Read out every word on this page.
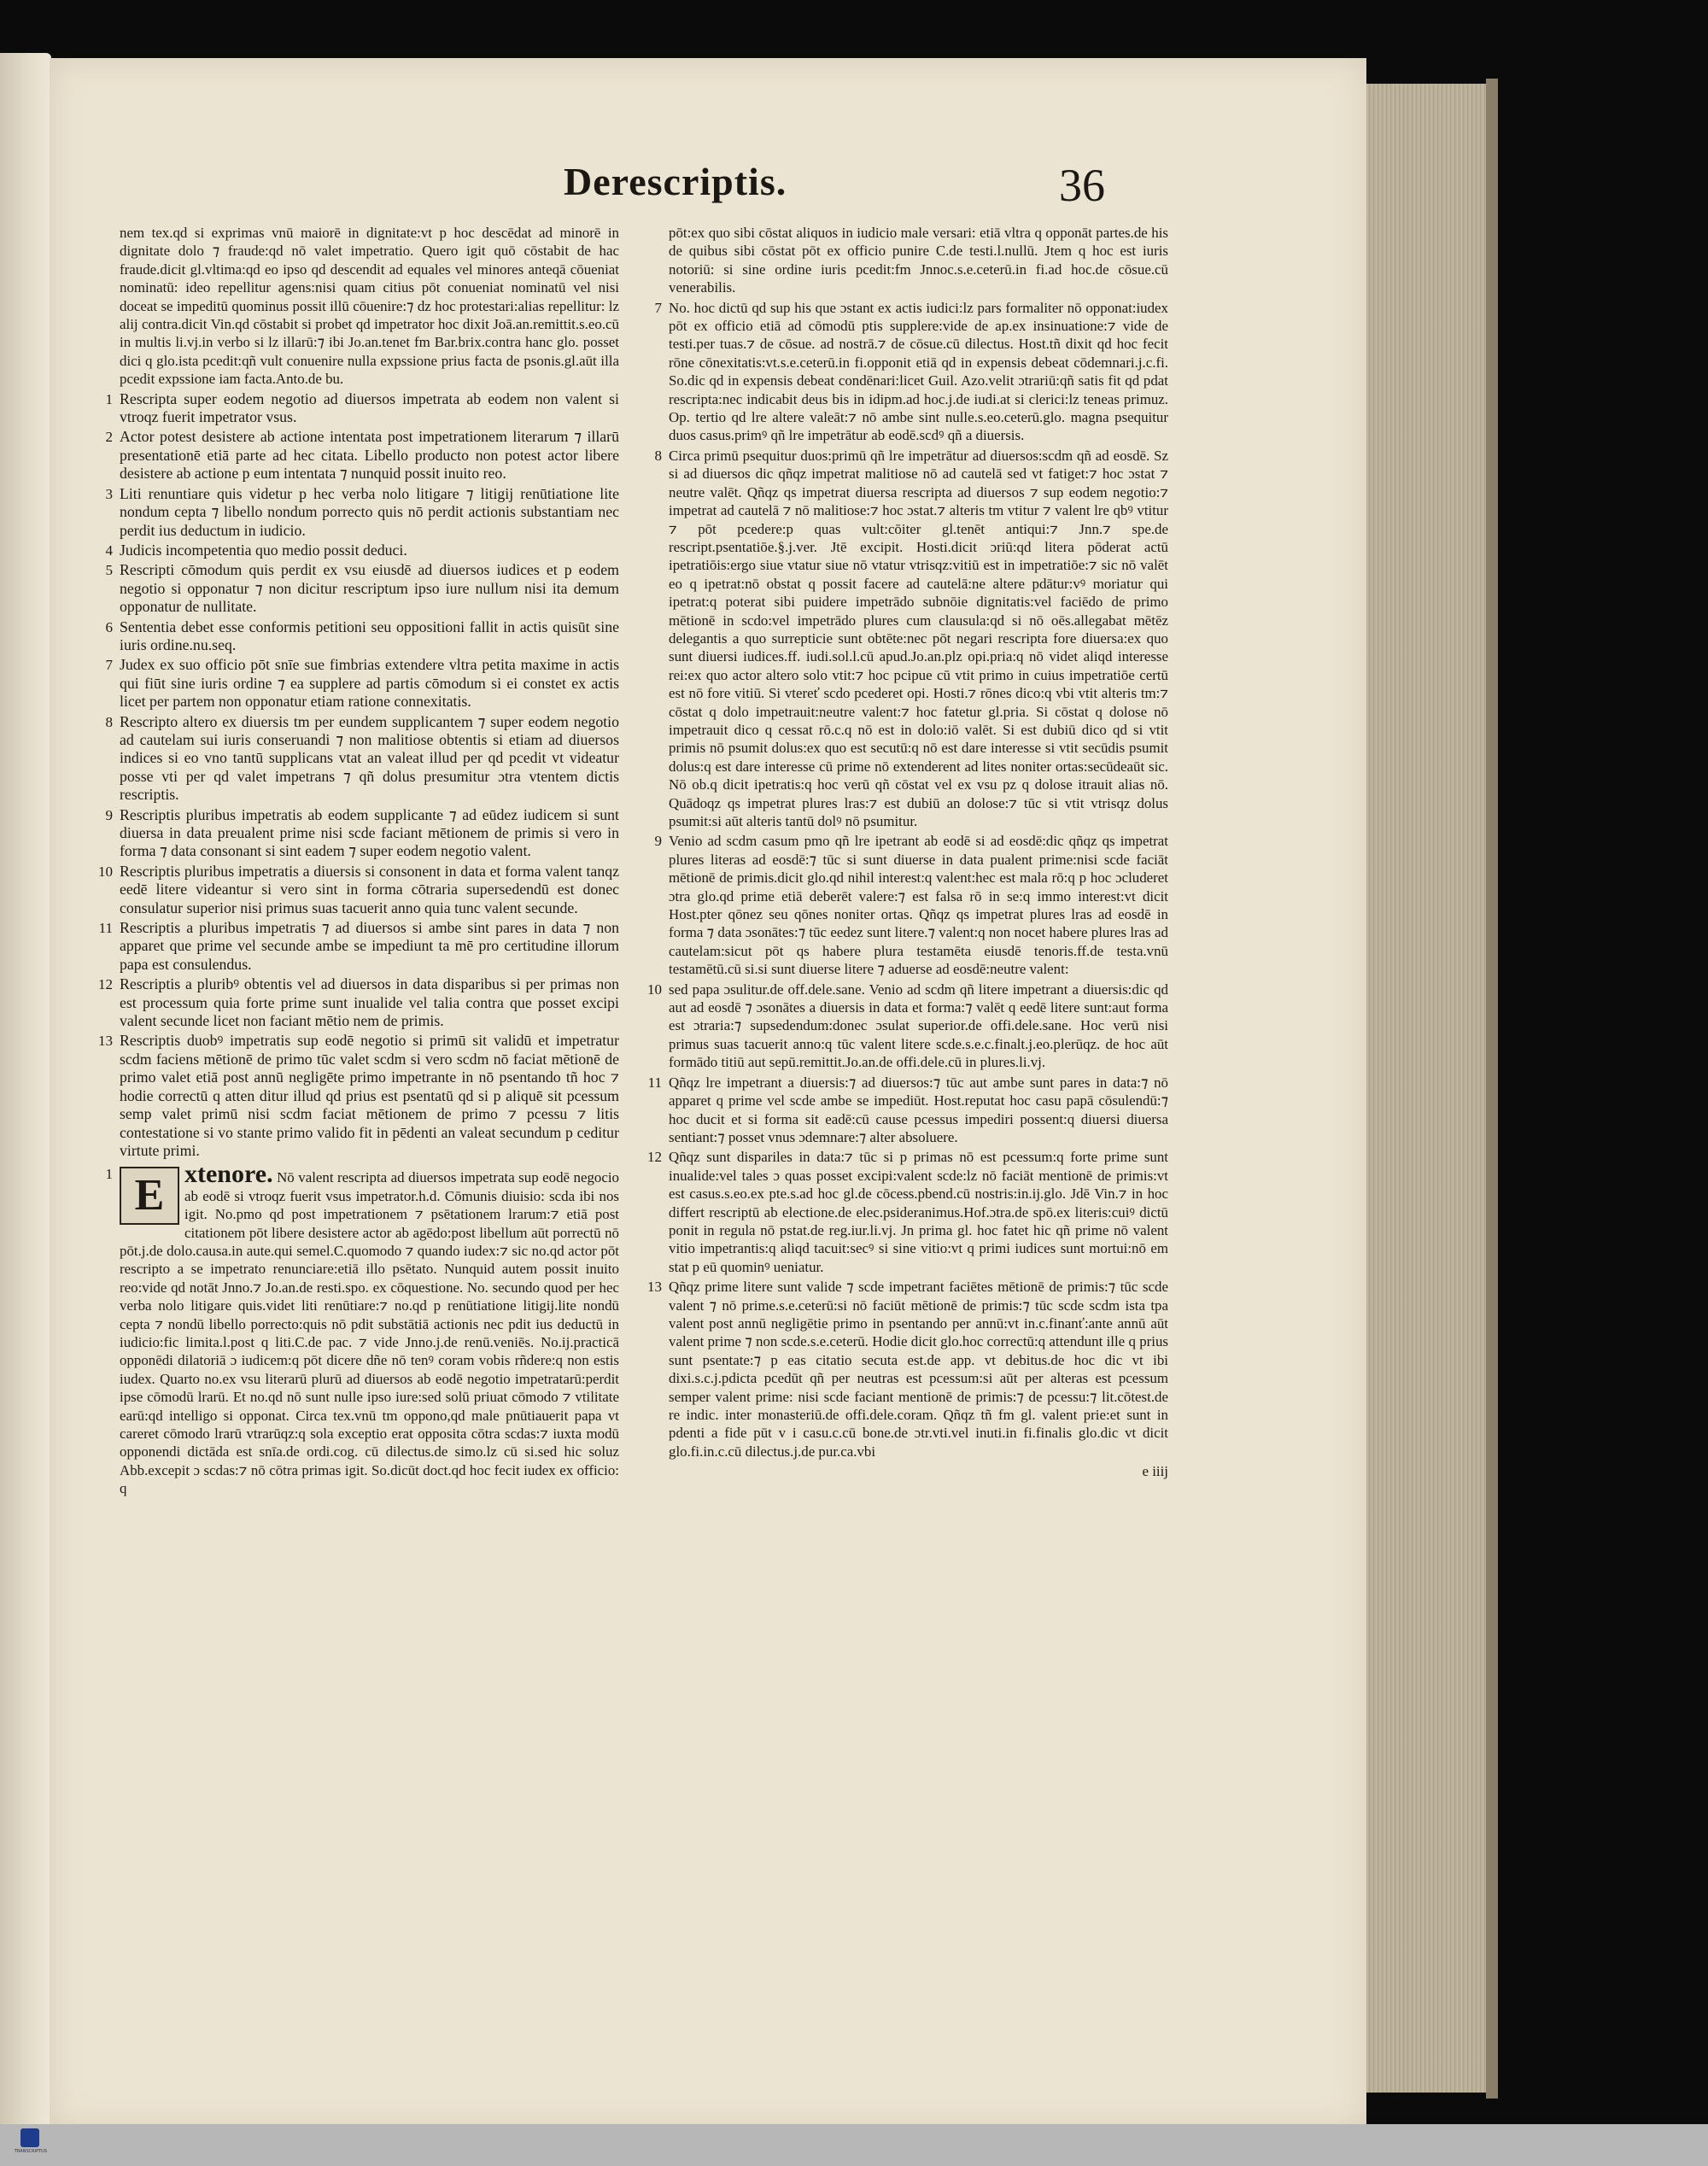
Derescriptis.	36

nem tex.qd si exprimas vnū maiorē in dignitate:vt p hoc descēdat ad minorē in dignitate dolo ⁊ fraude:qd nō valet impetratio. Quero igit quō cōstabit de hac fraude.dicit gl.vltima:qd eo ipso qd descendit ad equales vel minores anteqā cōueniat nominatū: ideo repellitur agens:nisi quam citius pōt conueniat nominatū vel nisi doceat se impeditū quominus possit illū cōuenire:⁊ dz hoc protestari:alias repellitur: lz alij contra.dicit Vin.qd cōstabit si probet qd impetrator hoc dixit Joā.an.remittit.s.eo.cū in multis li.vj.in verbo si lz illarū:⁊ ibi Jo.an.tenet fm Bar.brix.contra hanc glo. posset dici q glo.ista pcedit:qñ vult conuenire nulla expssione prius facta de psonis.gl.aūt illa pcedit expssione iam facta.Anto.de bu.

1 Rescripta super eodem negotio ad diuersos impetrata ab eodem non valent si vtroqz fuerit impetrator vsus.
2 Actor potest desistere ab actione intentata post impetrationem literarum ⁊ illarū presentationē etiā parte ad hec citata. Libello producto non potest actor libere desistere ab actione p eum intentata ⁊ nunquid possit inuito reo.
3 Liti renuntiare quis videtur p hec verba nolo litigare ⁊ litigij renūtiatione lite nondum cepta ⁊ libello nondum porrecto quis nō perdit actionis substantiam nec perdit ius deductum in iudicio.
4 Judicis incompetentia quo medio possit deduci.
5 Rescripti cōmodum quis perdit ex vsu eiusdē ad diuersos iudices et p eodem negotio si opponatur ⁊ non dicitur rescriptum ipso iure nullum nisi ita demum opponatur de nullitate.
6 Sententia debet esse conformis petitioni seu oppositioni fallit in actis quisūt sine iuris ordine.nu.seq.
7 Judex ex suo officio pōt snīe sue fimbrias extendere vltra petita maxime in actis qui fiūt sine iuris ordine ⁊ ea supplere ad partis cōmodum si ei constet ex actis licet per partem non opponatur etiam ratione connexitatis.
8 Rescripto altero ex diuersis tm per eundem supplicantem ⁊ super eodem negotio ad cautelam sui iuris conseruandi ⁊ non malitiose obtentis si etiam ad diuersos indices si eo vno tantū supplicans vtat an valeat illud per qd pcedit vt videatur posse vti per qd valet impetrans ⁊ qñ dolus presumitur ɔtra vtentem dictis rescriptis.
9 Rescriptis pluribus impetratis ab eodem supplicante ⁊ ad eūdez iudicem si sunt diuersa in data preualent prime nisi scde faciant mētionem de primis si vero in forma ⁊ data consonant si sint eadem ⁊ super eodem negotio valent.
10 Rescriptis pluribus impetratis a diuersis si consonent in data et forma valent tanqz eedē litere videantur si vero sint in forma cōtraria supersedendū est donec consulatur superior nisi primus suas tacuerit anno quia tunc valent secunde.
11 Rescriptis a pluribus impetratis ⁊ ad diuersos si ambe sint pares in data ⁊ non apparet que prime vel secunde ambe se impediunt ta mē pro certitudine illorum papa est consulendus.
12 Rescriptis a pluribꝰ obtentis vel ad diuersos in data disparibus si per primas non est processum quia forte prime sunt inualide vel talia contra que posset excipi valent secunde licet non faciant mētio nem de primis.
13 Rescriptis duobꝰ impetratis sup eodē negotio si primū sit validū et impetratur scdm faciens mētionē de primo tūc valet scdm si vero scdm nō faciat mētionē de primo valet etiā post annū negligēte primo impetrante in nō psentando tñ hoc ⁊ hodie correctū q atten ditur illud qd prius est psentatū qd si p aliquē sit pcessum semp valet primū nisi scdm faciat mētionem de primo ⁊ pcessu ⁊ litis contestatione si vo stante primo valido fit in pēdenti an valeat secundum p ceditur virtute primi.
1 E xtenore. Nō valent rescripta ad diuersos impetrata sup eodē negocio ab eodē si vtroqz fuerit vsus impetrator.h.d. Cōmunis diuisio: scda ibi nos igit. No.pmo qd post impetrationem ⁊ psētationem lrarum:⁊ etiā post citationem pōt libere desistere actor ab agēdo:post libellum aūt porrectū nō pōt.j.de dolo.causa.in aute.qui semel.C.quomodo ⁊ quando iudex:⁊ sic no.qd actor pōt rescripto a se impetrato renunciare:etiā illo psētato. Nunquid autem possit inuito reo:vide qd notāt Jnno.⁊ Jo.an.de resti.spo. ex cōquestione. No. secundo quod per hec verba nolo litigare quis.videt liti renūtiare:⁊ no.qd p renūtiatione litigij.lite nondū cepta ⁊ nondū libello porrecto:quis nō pdit substātiā actionis nec pdit ius deductū in iudicio:fic limita.l.post q liti.C.de pac. ⁊ vide Jnno.j.de renū.veniēs. No.ij.practicā opponēdi dilatoriā ɔ iudicem:q pōt dicere dñe nō tenꝰ coram vobis rñdere:q non estis iudex. Quarto no.ex vsu literarū plurū ad diuersos ab eodē negotio impetratarū:perdit ipse cōmodū lrarū. Et no.qd nō sunt nulle ipso iure:sed solū priuat cōmodo ⁊ vtilitate earū:qd intelligo si opponat. Circa tex.vnū tm oppono,qd male pnūtiauerit papa vt careret cōmodo lrarū vtrarūqz:q sola exceptio erat opposita cōtra scdas:⁊ iuxta modū opponendi dictāda est snīa.de ordi.cog. cū dilectus.de simo.lz cū si.sed hic soluz Abb.excepit ɔ scdas:⁊ nō cōtra primas igit. So.dicūt doct.qd hoc fecit iudex ex officio: q

pōt:ex quo sibi cōstat aliquos in iudicio male versari: etiā vltra q opponāt partes.de his de quibus sibi cōstat pōt ex officio punire C.de testi.l.nullū. Jtem q hoc est iuris notoriū: si sine ordine iuris pcedit:fm Jnnoc.s.e.ceterū.in fi.ad hoc.de cōsue.cū venerabilis.

7 No. hoc dictū qd sup his que ɔstant ex actis iudici:lz pars formaliter nō opponat:iudex pōt ex officio etiā ad cōmodū ptis supplere:vide de ap.ex insinuatione:⁊ vide de testi.per tuas.⁊ de cōsue. ad nostrā.⁊ de cōsue.cū dilectus. Host.tñ dixit qd hoc fecit rōne cōnexitatis:vt.s.e.ceterū.in fi.opponit etiā qd in expensis debeat cōdemnari.j.c.fi. So.dic qd in expensis debeat condēnari:licet Guil. Azo.velit ɔtrariū:qñ satis fit qd pdat rescripta:nec indicabit deus bis in idipm.ad hoc.j.de iudi.at si clerici:lz teneas primuz. Op. tertio qd lre altere valeāt:⁊ nō ambe sint nulle.s.eo.ceterū.glo. magna psequitur duos casus.primꝰ qñ lre impetrātur ab eodē.scdꝰ qñ a diuersis.
8 Circa primū psequitur duos:primū qñ lre impetrātur ad diuersos:scdm qñ ad eosdē. Sz si ad diuersos dic qñqz impetrat malitiose nō ad cautelā sed vt fatiget:⁊ hoc ɔstat ⁊ neutre valēt. Qñqz qs impetrat diuersa rescripta ad diuersos ⁊ sup eodem negotio:⁊ impetrat ad cautelā ⁊ nō malitiose:⁊ hoc ɔstat.⁊ alteris tm vtitur ⁊ valent lre qbꝰ vtitur ⁊ pōt pcedere:p quas vult:cōiter gl.tenēt antiqui:⁊ Jnn.⁊ spe.de rescript.psentatiōe.§.j.ver. Jtē excipit. Hosti.dicit ɔriū:qd litera pōderat actū ipetratiōis:ergo siue vtatur siue nō vtatur vtrisqz:vitiū est in impetratiōe:⁊ sic nō valēt eo q ipetrat:nō obstat q possit facere ad cautelā:ne altere pdātur:vꝰ moriatur qui ipetrat:q poterat sibi puidere impetrādo subnōie dignitatis:vel faciēdo de primo mētionē in scdo:vel impetrādo plures cum clausula:qd si nō oēs.allegabat mētēz delegantis a quo surrepticie sunt obtēte:nec pōt negari rescripta fore diuersa:ex quo sunt diuersi iudices.ff. iudi.sol.l.cū apud.Jo.an.plz opi.pria:q nō videt aliqd interesse rei:ex quo actor altero solo vtit:⁊ hoc pcipue cū vtit primo in cuius impetratiōe certū est nō fore vitiū. Si vtereť scdo pcederet opi. Hosti.⁊ rōnes dico:q vbi vtit alteris tm:⁊ cōstat q dolo impetrauit:neutre valent:⁊ hoc fatetur gl.pria. Si cōstat q dolose nō impetrauit dico q cessat rō.c.q nō est in dolo:iō valēt. Si est dubiū dico qd si vtit primis nō psumit dolus:ex quo est secutū:q nō est dare interesse si vtit secūdis psumit dolus:q est dare interesse cū prime nō extenderent ad lites noniter ortas:secūdeaūt sic. Nō ob.q dicit ipetratis:q hoc verū qñ cōstat vel ex vsu pz q dolose itrauit alias nō. Quādoqz qs impetrat plures lras:⁊ est dubiū an dolose:⁊ tūc si vtit vtrisqz dolus psumit:si aūt alteris tantū dolꝰ nō psumitur.
9 Venio ad scdm casum pmo qñ lre ipetrant ab eodē si ad eosdē:dic qñqz qs impetrat plures literas ad eosdē:⁊ tūc si sunt diuerse in data pualent prime:nisi scde faciāt mētionē de primis.dicit glo.qd nihil interest:q valent:hec est mala rō:q p hoc ɔcluderet ɔtra glo.qd prime etiā deberēt valere:⁊ est falsa rō in se:q immo interest:vt dicit Host.pter qōnez seu qōnes noniter ortas. Qñqz qs impetrat plures lras ad eosdē in forma ⁊ data ɔsonātes:⁊ tūc eedez sunt litere.⁊ valent:q non nocet habere plures lras ad cautelam:sicut pōt qs habere plura testamēta eiusdē tenoris.ff.de testa.vnū testamētū.cū si.si sunt diuerse litere ⁊ aduerse ad eosdē:neutre valent:
10 sed papa ɔsulitur.de off.dele.sane. Venio ad scdm qñ litere impetrant a diuersis:dic qd aut ad eosdē ⁊ ɔsonātes a diuersis in data et forma:⁊ valēt q eedē litere sunt:aut forma est ɔtraria:⁊ supsedendum:donec ɔsulat superior.de offi.dele.sane. Hoc verū nisi primus suas tacuerit anno:q tūc valent litere scde.s.e.c.finalt.j.eo.plerūqz. de hoc aūt formādo titiū aut sepū.remittit.Jo.an.de offi.dele.cū in plures.li.vj.
11 Qñqz lre impetrant a diuersis:⁊ ad diuersos:⁊ tūc aut ambe sunt pares in data:⁊ nō apparet q prime vel scde ambe se impediūt. Host.reputat hoc casu papā cōsulendū:⁊ hoc ducit et si forma sit eadē:cū cause pcessus impediri possent:q diuersi diuersa sentiant:⁊ posset vnus ɔdemnare:⁊ alter absoluere.
12 Qñqz sunt dispariles in data:⁊ tūc si p primas nō est pcessum:q forte prime sunt inualide:vel tales ɔ quas posset excipi:valent scde:lz nō faciāt mentionē de primis:vt est casus.s.eo.ex pte.s.ad hoc gl.de cōcess.pbend.cū nostris:in.ij.glo. Jdē Vin.⁊ in hoc differt rescriptū ab electione.de elec.psideranimus.Hof.ɔtra.de spō.ex literis:cuiꝰ dictū ponit in regula nō pstat.de reg.iur.li.vj. Jn prima gl. hoc fatet hic qñ prime nō valent vitio impetrantis:q aliqd tacuit:secꝰ si sine vitio:vt q primi iudices sunt mortui:nō em stat p eū quominꝰ ueniatur.
13 Qñqz prime litere sunt valide ⁊ scde impetrant faciētes mētionē de primis:⁊ tūc scde valent ⁊ nō prime.s.e.ceterū:si nō faciūt mētionē de primis:⁊ tūc scde scdm ista tpa valent post annū negligētie primo in psentando per annū:vt in.c.finanť:ante annū aūt valent prime ⁊ non scde.s.e.ceterū. Hodie dicit glo.hoc correctū:q attendunt ille q prius sunt psentate:⁊ p eas citatio secuta est.de app. vt debitus.de hoc dic vt ibi dixi.s.c.j.pdicta pcedūt qñ per neutras est pcessum:si aūt per alteras est pcessum semper valent prime: nisi scde faciant mentionē de primis:⁊ de pcessu:⁊ lit.cōtest.de re indic. inter monasteriū.de offi.dele.coram. Qñqz tñ fm gl. valent prie:et sunt in pdenti a fide pūt v i casu.c.cū bone.de ɔtr.vti.vel inuti.in fi.finalis glo.dic vt dicit glo.fi.in.c.cū dilectus.j.de pur.ca.vbi
e iiij
TRANSCRIPTUS
